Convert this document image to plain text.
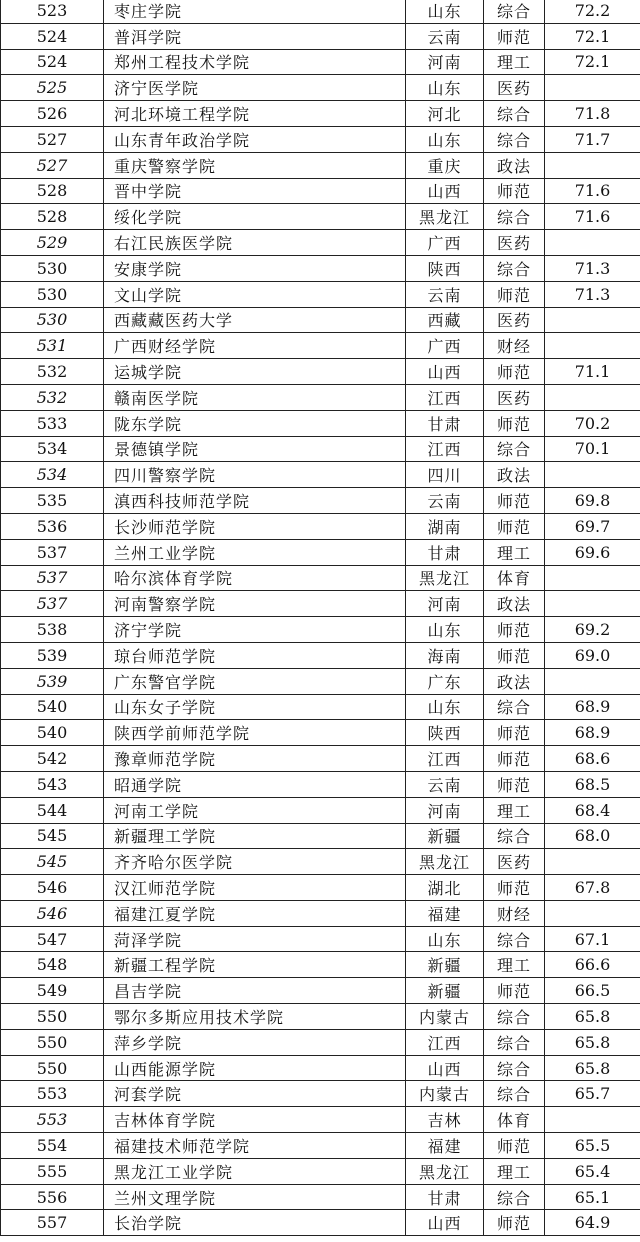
523	枣庄学院	山东	综合	72.2
524	普洱学院	云南	师范	72.1
524	郑州工程技术学院	河南	理工	72.1
525	济宁医学院	山东	医药	
526	河北环境工程学院	河北	综合	71.8
527	山东青年政治学院	山东	综合	71.7
527	重庆警察学院	重庆	政法	
528	晋中学院	山西	师范	71.6
528	绥化学院	黑龙江	综合	71.6
529	右江民族医学院	广西	医药	
530	安康学院	陕西	综合	71.3
530	文山学院	云南	师范	71.3
530	西藏藏医药大学	西藏	医药	
531	广西财经学院	广西	财经	
532	运城学院	山西	师范	71.1
532	赣南医学院	江西	医药	
533	陇东学院	甘肃	师范	70.2
534	景德镇学院	江西	综合	70.1
534	四川警察学院	四川	政法	
535	滇西科技师范学院	云南	师范	69.8
536	长沙师范学院	湖南	师范	69.7
537	兰州工业学院	甘肃	理工	69.6
537	哈尔滨体育学院	黑龙江	体育	
537	河南警察学院	河南	政法	
538	济宁学院	山东	师范	69.2
539	琼台师范学院	海南	师范	69.0
539	广东警官学院	广东	政法	
540	山东女子学院	山东	综合	68.9
540	陕西学前师范学院	陕西	师范	68.9
542	豫章师范学院	江西	师范	68.6
543	昭通学院	云南	师范	68.5
544	河南工学院	河南	理工	68.4
545	新疆理工学院	新疆	综合	68.0
545	齐齐哈尔医学院	黑龙江	医药	
546	汉江师范学院	湖北	师范	67.8
546	福建江夏学院	福建	财经	
547	菏泽学院	山东	综合	67.1
548	新疆工程学院	新疆	理工	66.6
549	昌吉学院	新疆	师范	66.5
550	鄂尔多斯应用技术学院	内蒙古	综合	65.8
550	萍乡学院	江西	综合	65.8
550	山西能源学院	山西	综合	65.8
553	河套学院	内蒙古	综合	65.7
553	吉林体育学院	吉林	体育	
554	福建技术师范学院	福建	师范	65.5
555	黑龙江工业学院	黑龙江	理工	65.4
556	兰州文理学院	甘肃	综合	65.1
557	长治学院	山西	师范	64.9
